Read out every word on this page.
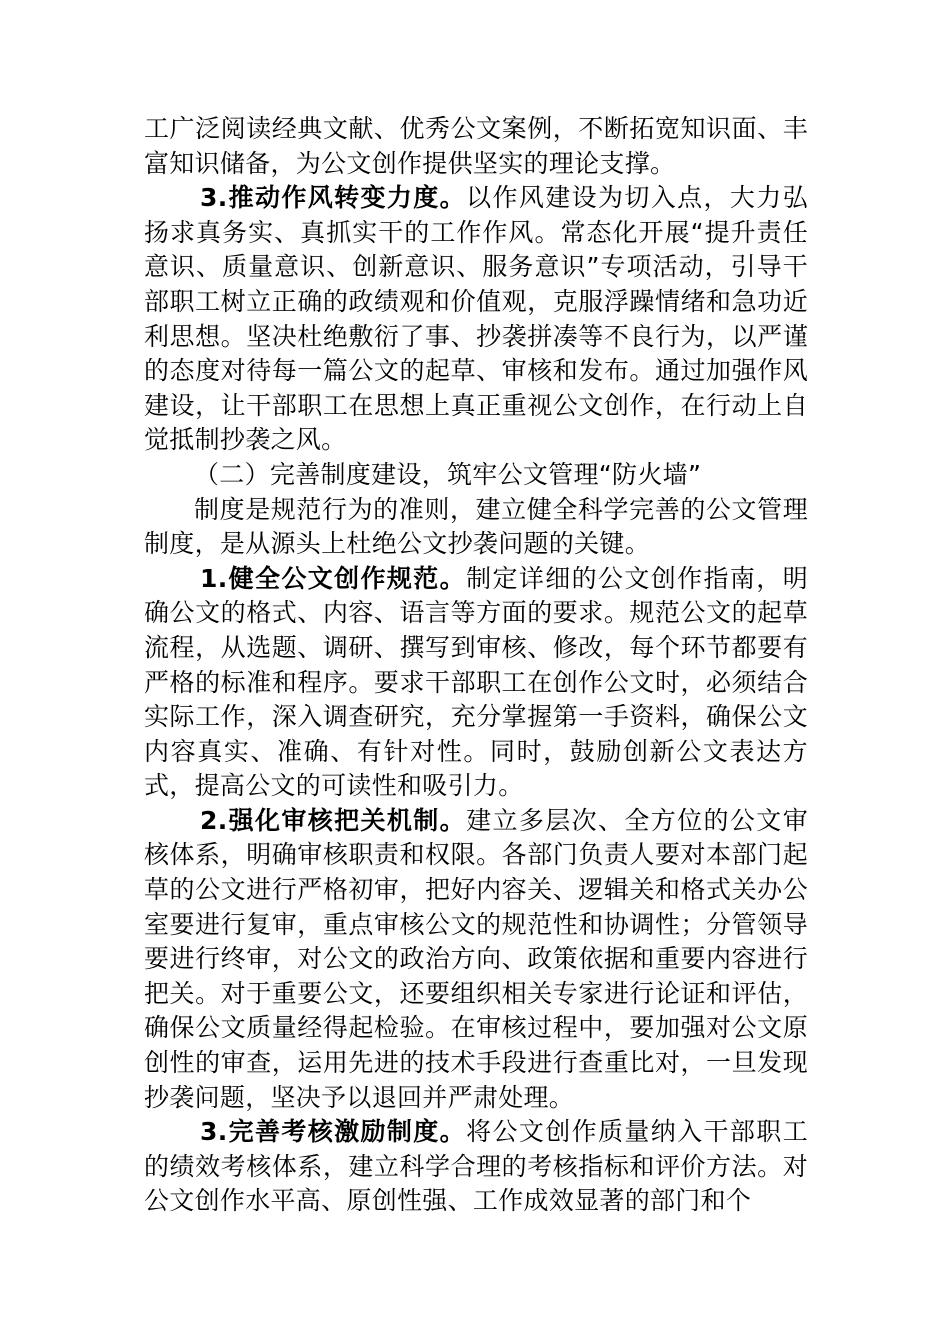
工广泛阅读经典文献、优秀公文案例，不断拓宽知识面、丰富知识储备，为公文创作提供坚实的理论支撑。

3.推动作风转变力度。以作风建设为切入点，大力弘扬求真务实、真抓实干的工作作风。常态化开展“提升责任意识、质量意识、创新意识、服务意识”专项活动，引导干部职工树立正确的政绩观和价值观，克服浮躁情绪和急功近利思想。坚决杜绝敷衍了事、抄袭拼凑等不良行为，以严谨的态度对待每一篇公文的起草、审核和发布。通过加强作风建设，让干部职工在思想上真正重视公文创作，在行动上自觉抵制抄袭之风。

（二）完善制度建设，筑牢公文管理“防火墙”

制度是规范行为的准则，建立健全科学完善的公文管理制度，是从源头上杜绝公文抄袭问题的关键。

1.健全公文创作规范。制定详细的公文创作指南，明确公文的格式、内容、语言等方面的要求。规范公文的起草流程，从选题、调研、撰写到审核、修改，每个环节都要有严格的标准和程序。要求干部职工在创作公文时，必须结合实际工作，深入调查研究，充分掌握第一手资料，确保公文内容真实、准确、有针对性。同时，鼓励创新公文表达方式，提高公文的可读性和吸引力。

2.强化审核把关机制。建立多层次、全方位的公文审核体系，明确审核职责和权限。各部门负责人要对本部门起草的公文进行严格初审，把好内容关、逻辑关和格式关办公室要进行复审，重点审核公文的规范性和协调性；分管领导要进行终审，对公文的政治方向、政策依据和重要内容进行把关。对于重要公文，还要组织相关专家进行论证和评估，确保公文质量经得起检验。在审核过程中，要加强对公文原创性的审查，运用先进的技术手段进行查重比对，一旦发现抄袭问题，坚决予以退回并严肃处理。

3.完善考核激励制度。将公文创作质量纳入干部职工的绩效考核体系，建立科学合理的考核指标和评价方法。对公文创作水平高、原创性强、工作成效显著的部门和个
